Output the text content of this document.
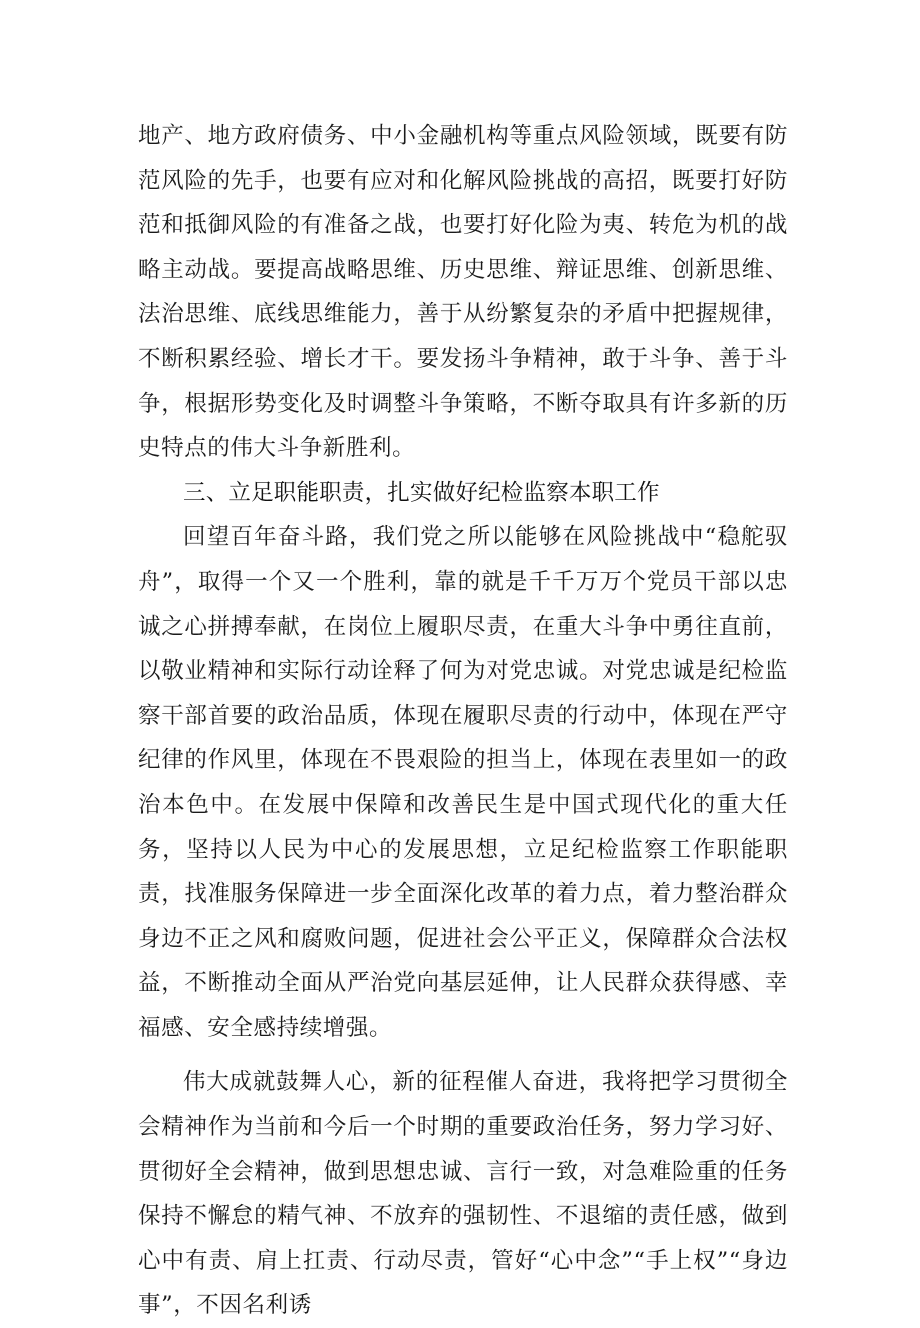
地产、地方政府债务、中小金融机构等重点风险领域，既要有防范风险的先手，也要有应对和化解风险挑战的高招，既要打好防范和抵御风险的有准备之战，也要打好化险为夷、转危为机的战略主动战。要提高战略思维、历史思维、辩证思维、创新思维、法治思维、底线思维能力，善于从纷繁复杂的矛盾中把握规律，不断积累经验、增长才干。要发扬斗争精神，敢于斗争、善于斗争，根据形势变化及时调整斗争策略，不断夺取具有许多新的历史特点的伟大斗争新胜利。

三、立足职能职责，扎实做好纪检监察本职工作

回望百年奋斗路，我们党之所以能够在风险挑战中“稳舵驭舟”，取得一个又一个胜利，靠的就是千千万万个党员干部以忠诚之心拼搏奉献，在岗位上履职尽责，在重大斗争中勇往直前，以敬业精神和实际行动诠释了何为对党忠诚。对党忠诚是纪检监察干部首要的政治品质，体现在履职尽责的行动中，体现在严守纪律的作风里，体现在不畏艰险的担当上，体现在表里如一的政治本色中。在发展中保障和改善民生是中国式现代化的重大任务，坚持以人民为中心的发展思想，立足纪检监察工作职能职责，找准服务保障进一步全面深化改革的着力点，着力整治群众身边不正之风和腐败问题，促进社会公平正义，保障群众合法权益，不断推动全面从严治党向基层延伸，让人民群众获得感、幸福感、安全感持续增强。

伟大成就鼓舞人心，新的征程催人奋进，我将把学习贯彻全会精神作为当前和今后一个时期的重要政治任务，努力学习好、贯彻好全会精神，做到思想忠诚、言行一致，对急难险重的任务保持不懈怠的精气神、不放弃的强韧性、不退缩的责任感，做到心中有责、肩上扛责、行动尽责，管好“心中念”“手上权”“身边事”，不因名利诱
